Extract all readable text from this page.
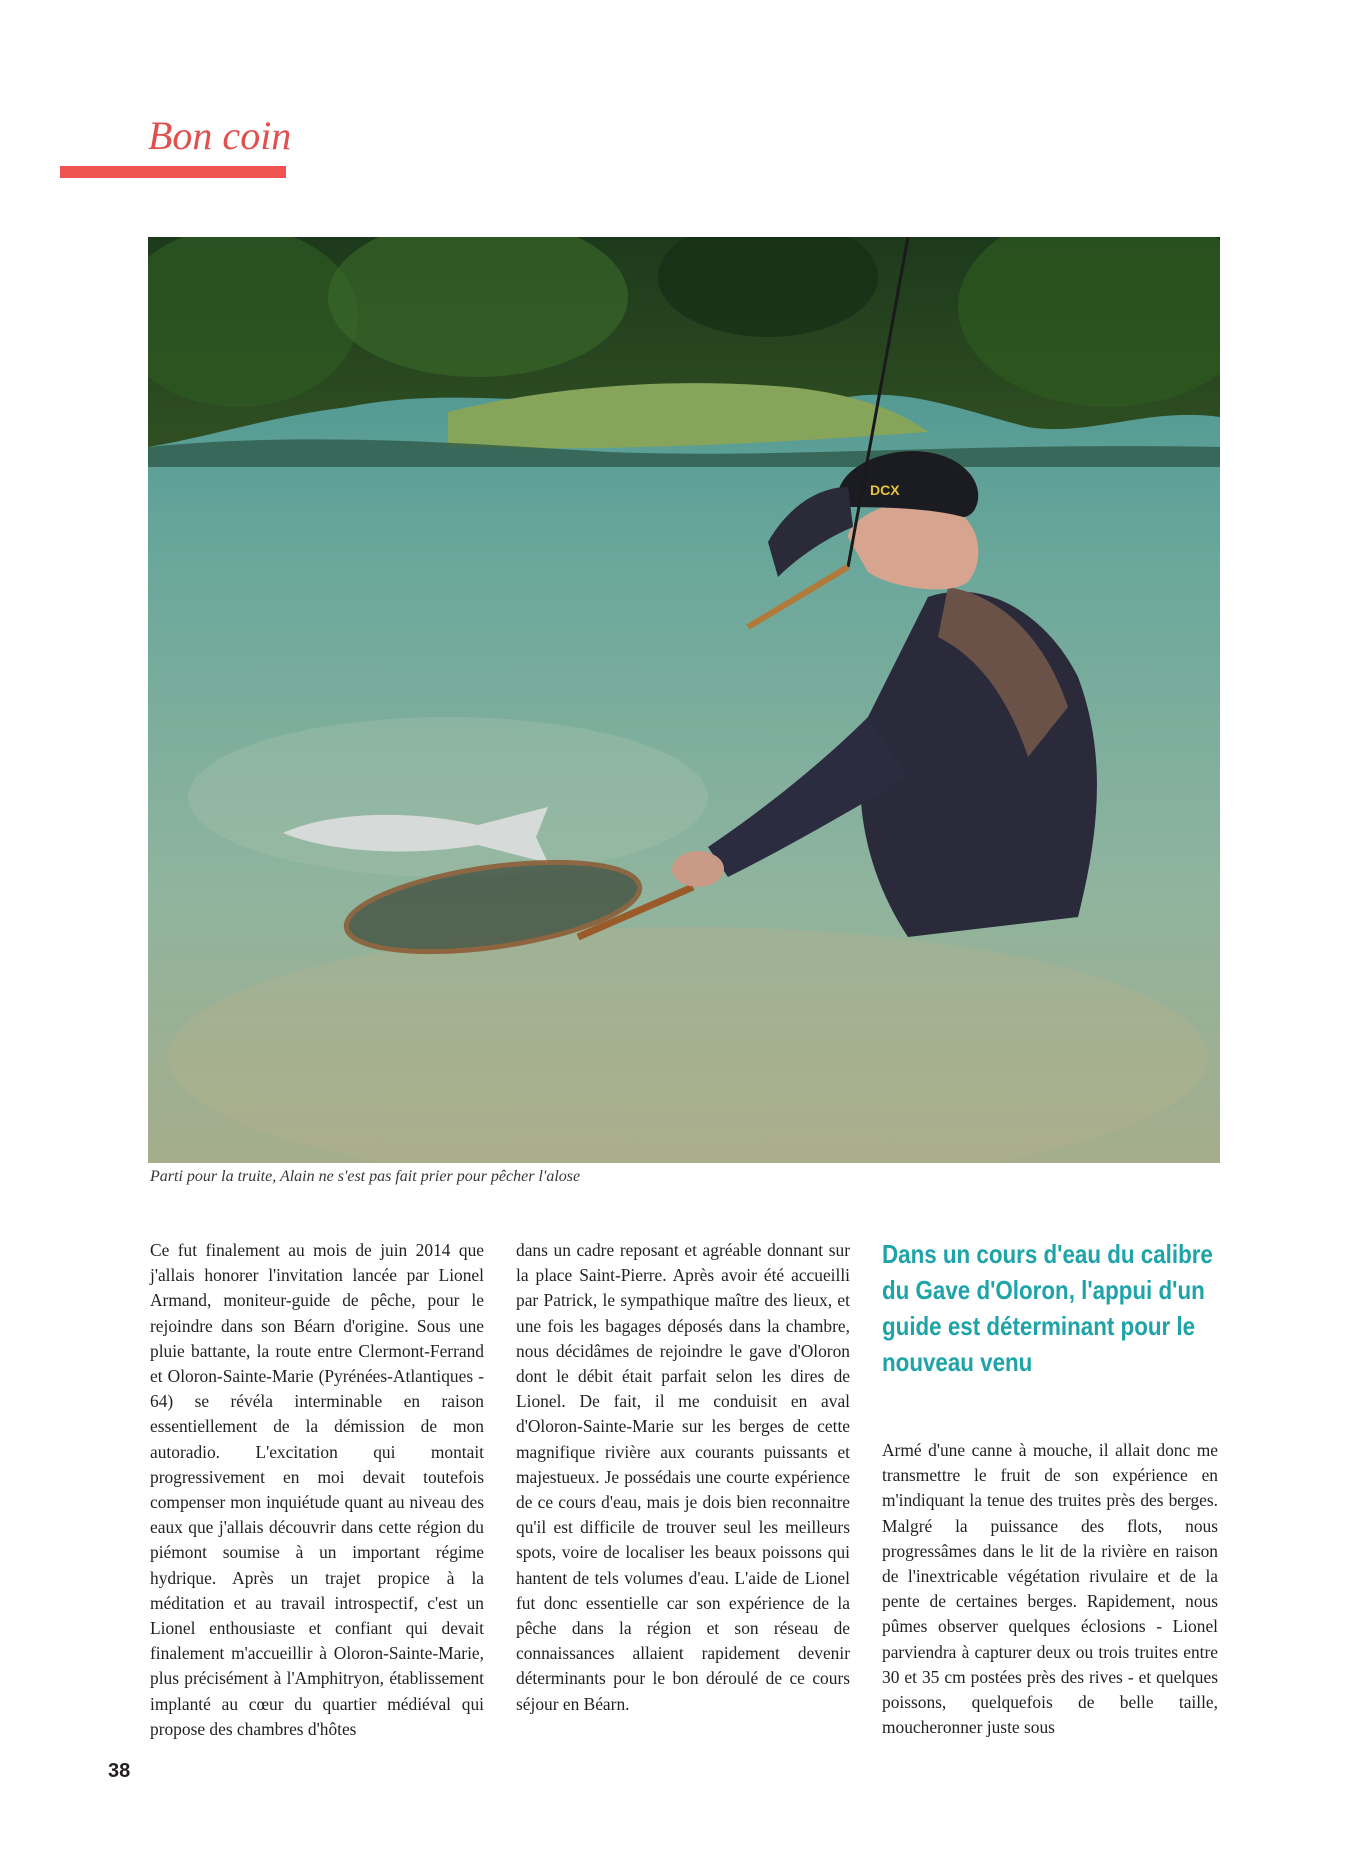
Bon coin
DCX

Parti pour la truite, Alain ne s'est pas fait prier pour pêcher l'alose

Ce fut finalement au mois de juin 2014 que j'allais honorer l'invitation lancée par Lionel Armand, moniteur-guide de pêche, pour le rejoindre dans son Béarn d'origine. Sous une pluie battante, la route entre Clermont-Ferrand et Oloron-Sainte-Marie (Pyrénées-Atlantiques - 64) se révéla interminable en raison essentiellement de la démission de mon autoradio. L'excitation qui montait progressivement en moi devait toutefois compenser mon inquiétude quant au niveau des eaux que j'allais découvrir dans cette région du piémont soumise à un important régime hydrique. Après un trajet propice à la méditation et au travail introspectif, c'est un Lionel enthousiaste et confiant qui devait finalement m'accueillir à Oloron-Sainte-Marie, plus précisément à l'Amphitryon, établissement implanté au cœur du quartier médiéval qui propose des chambres d'hôtes

dans un cadre reposant et agréable donnant sur la place Saint-Pierre. Après avoir été accueilli par Patrick, le sympathique maître des lieux, et une fois les bagages déposés dans la chambre, nous décidâmes de rejoindre le gave d'Oloron dont le débit était parfait selon les dires de Lionel. De fait, il me conduisit en aval d'Oloron-Sainte-Marie sur les berges de cette magnifique rivière aux courants puissants et majestueux. Je possédais une courte expérience de ce cours d'eau, mais je dois bien reconnaitre qu'il est difficile de trouver seul les meilleurs spots, voire de localiser les beaux poissons qui hantent de tels volumes d'eau. L'aide de Lionel fut donc essentielle car son expérience de la pêche dans la région et son réseau de connaissances allaient rapidement devenir déterminants pour le bon déroulé de ce cours séjour en Béarn.

Dans un cours d'eau du calibre du Gave d'Oloron, l'appui d'un guide est déterminant pour le nouveau venu

Armé d'une canne à mouche, il allait donc me transmettre le fruit de son expérience en m'indiquant la tenue des truites près des berges. Malgré la puissance des flots, nous progressâmes dans le lit de la rivière en raison de l'inextricable végétation rivulaire et de la pente de certaines berges. Rapidement, nous pûmes observer quelques éclosions - Lionel parviendra à capturer deux ou trois truites entre 30 et 35 cm postées près des rives - et quelques poissons, quelquefois de belle taille, moucheronner juste sous

38
